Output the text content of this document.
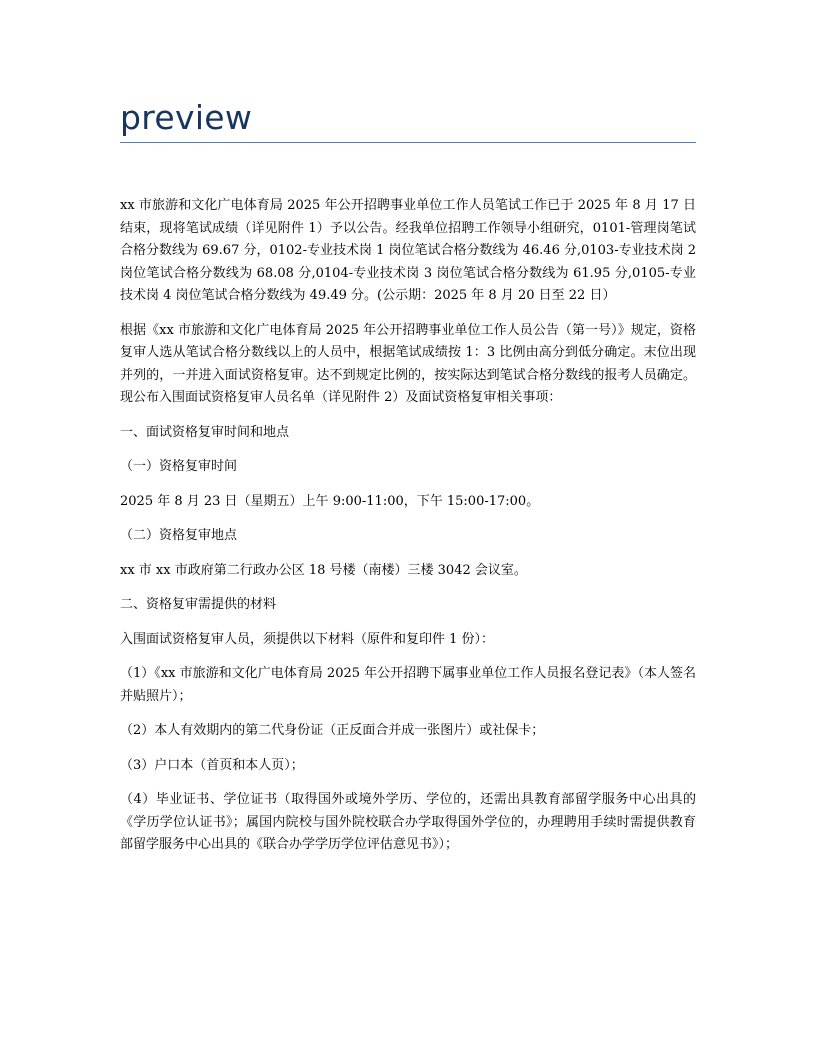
preview

xx 市旅游和文化广电体育局 2025 年公开招聘事业单位工作人员笔试工作已于 2025 年 8 月 17 日结束，现将笔试成绩（详见附件 1）予以公告。经我单位招聘工作领导小组研究，0101-管理岗笔试合格分数线为 69.67 分，0102-专业技术岗 1 岗位笔试合格分数线为 46.46 分,0103-专业技术岗 2 岗位笔试合格分数线为 68.08 分,0104-专业技术岗 3 岗位笔试合格分数线为 61.95 分,0105-专业技术岗 4 岗位笔试合格分数线为 49.49 分。(公示期：2025 年 8 月 20 日至 22 日）

根据《xx 市旅游和文化广电体育局 2025 年公开招聘事业单位工作人员公告（第一号）》规定，资格复审人选从笔试合格分数线以上的人员中，根据笔试成绩按 1：3 比例由高分到低分确定。末位出现并列的，一并进入面试资格复审。达不到规定比例的，按实际达到笔试合格分数线的报考人员确定。现公布入围面试资格复审人员名单（详见附件 2）及面试资格复审相关事项：

一、面试资格复审时间和地点

（一）资格复审时间

2025 年 8 月 23 日（星期五）上午 9:00-11:00，下午 15:00-17:00。

（二）资格复审地点

xx 市 xx 市政府第二行政办公区 18 号楼（南楼）三楼 3042 会议室。

二、资格复审需提供的材料

入围面试资格复审人员，须提供以下材料（原件和复印件 1 份）：

（1）《xx 市旅游和文化广电体育局 2025 年公开招聘下属事业单位工作人员报名登记表》（本人签名并贴照片）；

（2）本人有效期内的第二代身份证（正反面合并成一张图片）或社保卡；

（3）户口本（首页和本人页）；

（4）毕业证书、学位证书（取得国外或境外学历、学位的，还需出具教育部留学服务中心出具的《学历学位认证书》；属国内院校与国外院校联合办学取得国外学位的，办理聘用手续时需提供教育部留学服务中心出具的《联合办学学历学位评估意见书》）；
